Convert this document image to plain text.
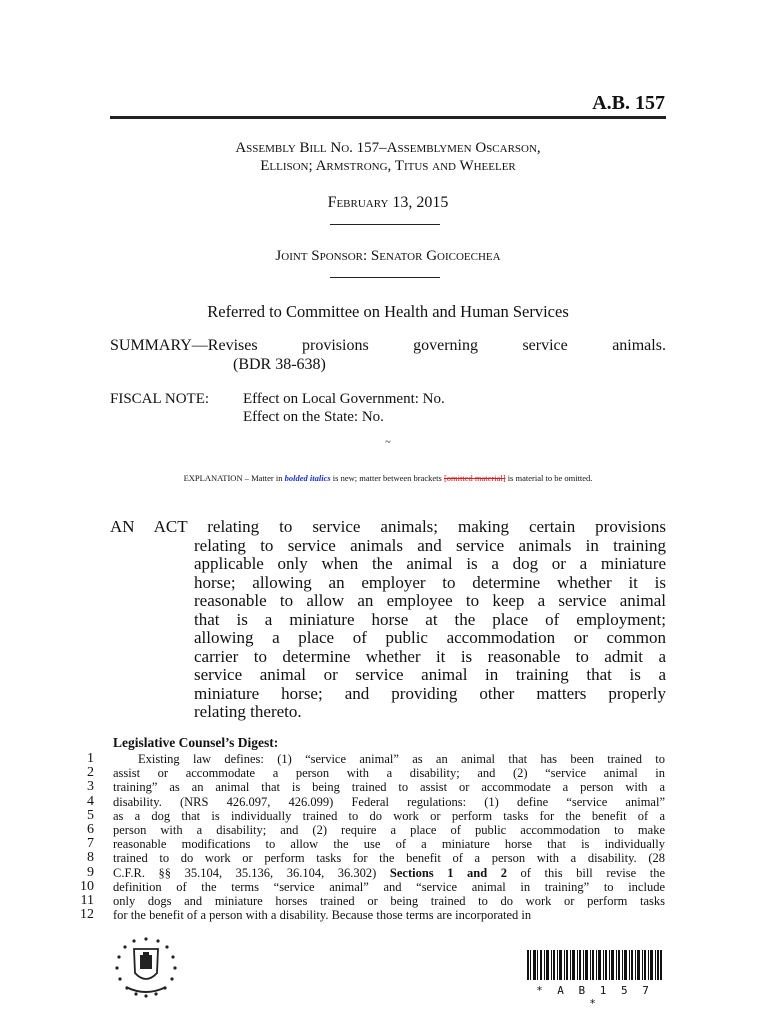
A.B. 157
Assembly Bill No. 157–Assemblymen Oscarson,
Ellison; Armstrong, Titus and Wheeler
February 13, 2015
Joint Sponsor: Senator Goicoechea
Referred to Committee on Health and Human Services
SUMMARY—Revises	provisions	governing	service	animals.
(BDR 38-638)
FISCAL NOTE: Effect on Local Government: No.
Effect on the State: No.
~
EXPLANATION – Matter in bolded italics is new; matter between brackets [omitted material] is material to be omitted.
AN ACT relating to service animals; making certain provisions
relating to service animals and service animals in training
applicable only when the animal is a dog or a miniature
horse; allowing an employer to determine whether it is
reasonable to allow an employee to keep a service animal
that is a miniature horse at the place of employment;
allowing a place of public accommodation or common
carrier to determine whether it is reasonable to admit a
service animal or service animal in training that is a
miniature horse; and providing other matters properly
relating thereto.
Legislative Counsel’s Digest:
1
2
3
4
5
6
7
8
9
10
11
12
Existing law defines: (1) “service animal” as an animal that has been trained to
assist or accommodate a person with a disability; and (2) “service animal in
training” as an animal that is being trained to assist or accommodate a person with a
disability. (NRS 426.097, 426.099) Federal regulations: (1) define “service animal”
as a dog that is individually trained to do work or perform tasks for the benefit of a
person with a disability; and (2) require a place of public accommodation to make
reasonable modifications to allow the use of a miniature horse that is individually
trained to do work or perform tasks for the benefit of a person with a disability. (28
C.F.R. §§ 35.104, 35.136, 36.104, 36.302) Sections 1 and 2 of this bill revise the
definition of the terms “service animal” and “service animal in training” to include
only dogs and miniature horses trained or being trained to do work or perform tasks
for the benefit of a person with a disability. Because those terms are incorporated in
* A B 1 5 7 *
